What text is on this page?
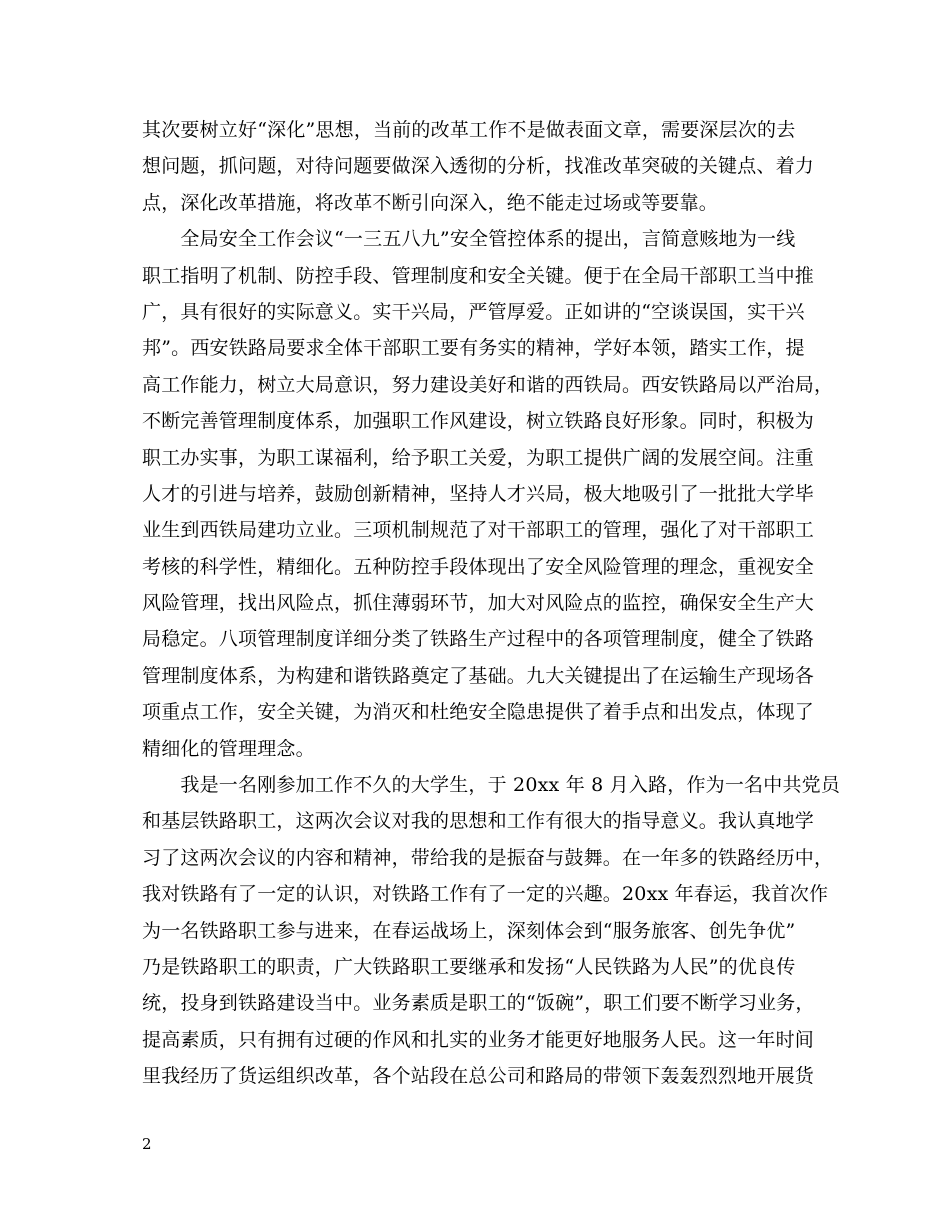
其次要树立好“深化”思想，当前的改革工作不是做表面文章，需要深层次的去
想问题，抓问题，对待问题要做深入透彻的分析，找准改革突破的关键点、着力
点，深化改革措施，将改革不断引向深入，绝不能走过场或等要靠。
　　全局安全工作会议“一三五八九”安全管控体系的提出，言简意赅地为一线
职工指明了机制、防控手段、管理制度和安全关键。便于在全局干部职工当中推
广，具有很好的实际意义。实干兴局，严管厚爱。正如讲的“空谈误国，实干兴
邦”。西安铁路局要求全体干部职工要有务实的精神，学好本领，踏实工作，提
高工作能力，树立大局意识，努力建设美好和谐的西铁局。西安铁路局以严治局，
不断完善管理制度体系，加强职工作风建设，树立铁路良好形象。同时，积极为
职工办实事，为职工谋福利，给予职工关爱，为职工提供广阔的发展空间。注重
人才的引进与培养，鼓励创新精神，坚持人才兴局，极大地吸引了一批批大学毕
业生到西铁局建功立业。三项机制规范了对干部职工的管理，强化了对干部职工
考核的科学性，精细化。五种防控手段体现出了安全风险管理的理念，重视安全
风险管理，找出风险点，抓住薄弱环节，加大对风险点的监控，确保安全生产大
局稳定。八项管理制度详细分类了铁路生产过程中的各项管理制度，健全了铁路
管理制度体系，为构建和谐铁路奠定了基础。九大关键提出了在运输生产现场各
项重点工作，安全关键，为消灭和杜绝安全隐患提供了着手点和出发点，体现了
精细化的管理理念。
　　我是一名刚参加工作不久的大学生，于 20xx 年 8 月入路，作为一名中共党员
和基层铁路职工，这两次会议对我的思想和工作有很大的指导意义。我认真地学
习了这两次会议的内容和精神，带给我的是振奋与鼓舞。在一年多的铁路经历中，
我对铁路有了一定的认识，对铁路工作有了一定的兴趣。20xx 年春运，我首次作
为一名铁路职工参与进来，在春运战场上，深刻体会到“服务旅客、创先争优”
乃是铁路职工的职责，广大铁路职工要继承和发扬“人民铁路为人民”的优良传
统，投身到铁路建设当中。业务素质是职工的“饭碗”，职工们要不断学习业务，
提高素质，只有拥有过硬的作风和扎实的业务才能更好地服务人民。这一年时间
里我经历了货运组织改革，各个站段在总公司和路局的带领下轰轰烈烈地开展货
2
